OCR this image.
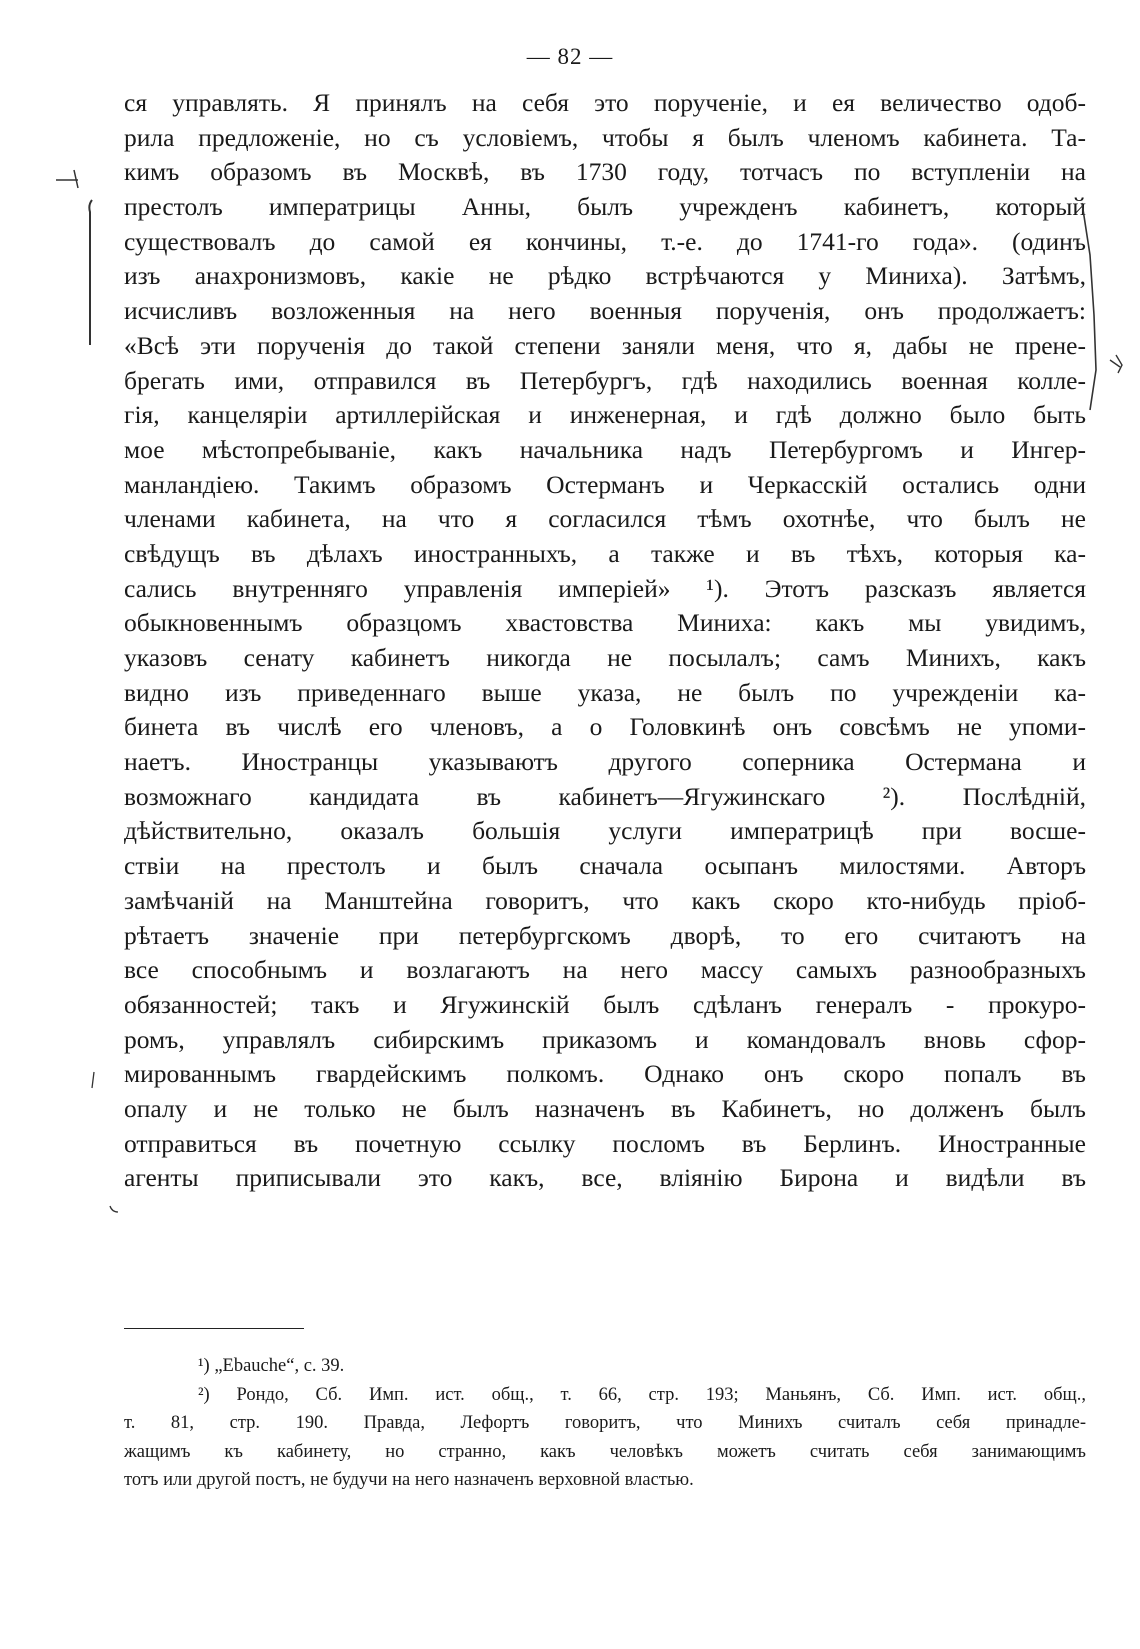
— 82 —
ся управлять. Я принялъ на себя это порученіе, и ея величество одоб-
рила предложеніе, но съ условіемъ, чтобы я былъ членомъ кабинета. Та-
кимъ образомъ въ Москвѣ, въ 1730 году, тотчасъ по вступленіи на
престолъ императрицы Анны, былъ учрежденъ кабинетъ, который
существовалъ до самой ея кончины, т.-е. до 1741-го года». (одинъ
изъ анахронизмовъ, какіе не рѣдко встрѣчаются у Миниха). Затѣмъ,
исчисливъ возложенныя на него военныя порученія, онъ продолжаетъ:
«Всѣ эти порученія до такой степени заняли меня, что я, дабы не прене-
брегать ими, отправился въ Петербургъ, гдѣ находились военная колле-
гія, канцеляріи артиллерійская и инженерная, и гдѣ должно было быть
мое мѣстопребываніе, какъ начальника надъ Петербургомъ и Ингер-
манландіею. Такимъ образомъ Остерманъ и Черкасскій остались одни
членами кабинета, на что я согласился тѣмъ охотнѣе, что былъ не
свѣдущъ въ дѣлахъ иностранныхъ, а также и въ тѣхъ, которыя ка-
сались внутренняго управленія имперіей» ¹). Этотъ разсказъ является
обыкновеннымъ образцомъ хвастовства Миниха: какъ мы увидимъ,
указовъ сенату кабинетъ никогда не посылалъ; самъ Минихъ, какъ
видно изъ приведеннаго выше указа, не былъ по учрежденіи ка-
бинета въ числѣ его членовъ, а о Головкинѣ онъ совсѣмъ не упоми-
наетъ. Иностранцы указываютъ другого соперника Остермана и
возможнаго кандидата въ кабинетъ—Ягужинскаго ²). Послѣдній,
дѣйствительно, оказалъ большія услуги императрицѣ при восше-
ствіи на престолъ и былъ сначала осыпанъ милостями. Авторъ
замѣчаній на Манштейна говоритъ, что какъ скоро кто-нибудь пріоб-
рѣтаетъ значеніе при петербургскомъ дворѣ, то его считаютъ на
все способнымъ и возлагаютъ на него массу самыхъ разнообразныхъ
обязанностей; такъ и Ягужинскій былъ сдѣланъ генералъ - прокуро-
ромъ, управлялъ сибирскимъ приказомъ и командовалъ вновь сфор-
мированнымъ гвардейскимъ полкомъ. Однако онъ скоро попалъ въ
опалу и не только не былъ назначенъ въ Кабинетъ, но долженъ былъ
отправиться въ почетную ссылку посломъ въ Берлинъ. Иностранные
агенты приписывали это какъ, все, вліянію Бирона и видѣли въ
¹) „Ebauche“, с. 39.
²) Рондо, Сб. Имп. ист. общ., т. 66, стр. 193; Маньянъ, Сб. Имп. ист. общ.,
т. 81, стр. 190. Правда, Лефортъ говоритъ, что Минихъ считалъ себя принадле-
жащимъ къ кабинету, но странно, какъ человѣкъ можетъ считать себя занимающимъ
тотъ или другой постъ, не будучи на него назначенъ верховной властью.
